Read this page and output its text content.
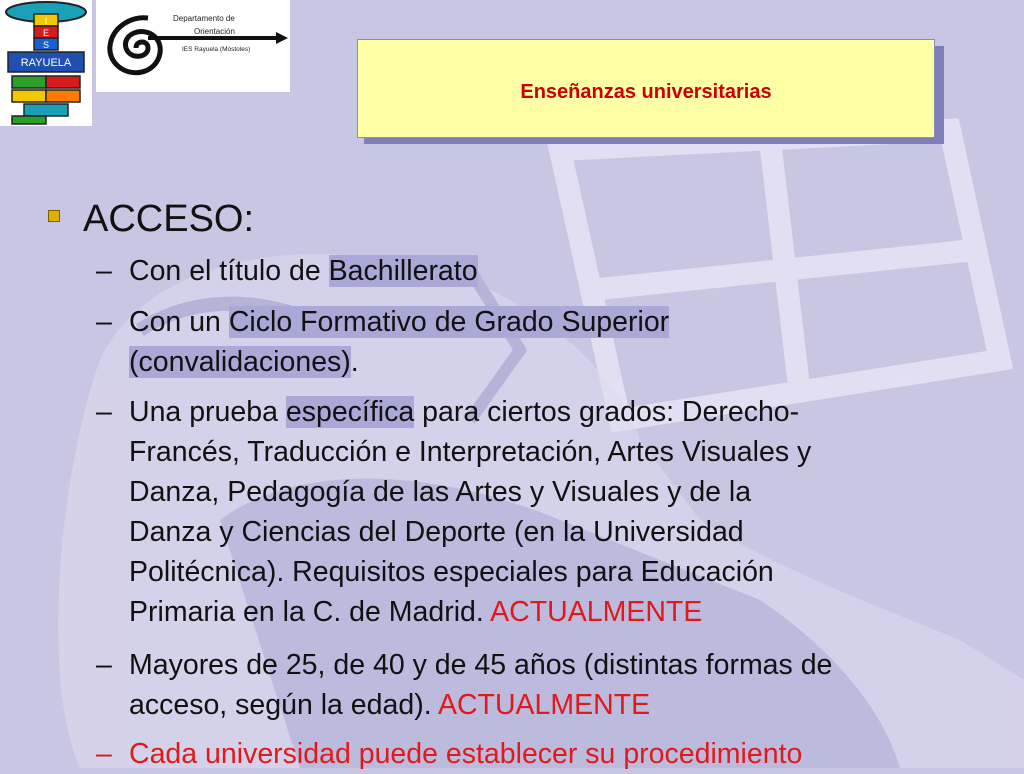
I
E
S
RAYUELA
Departamento de
Orientación
IES Rayuela (Móstoles)
Enseñanzas universitarias
ACCESO:
– Con el título de Bachillerato
– Con un Ciclo Formativo de Grado Superior
(convalidaciones).
– Una prueba específica para ciertos grados: Derecho-
Francés, Traducción e Interpretación, Artes Visuales y
Danza, Pedagogía de las Artes y Visuales y de la
Danza y Ciencias del Deporte (en la Universidad
Politécnica). Requisitos especiales para Educación
Primaria en la C. de Madrid. ACTUALMENTE
– Mayores de 25, de 40 y de 45 años (distintas formas de
acceso, según la edad). ACTUALMENTE
– Cada universidad puede establecer su procedimiento
